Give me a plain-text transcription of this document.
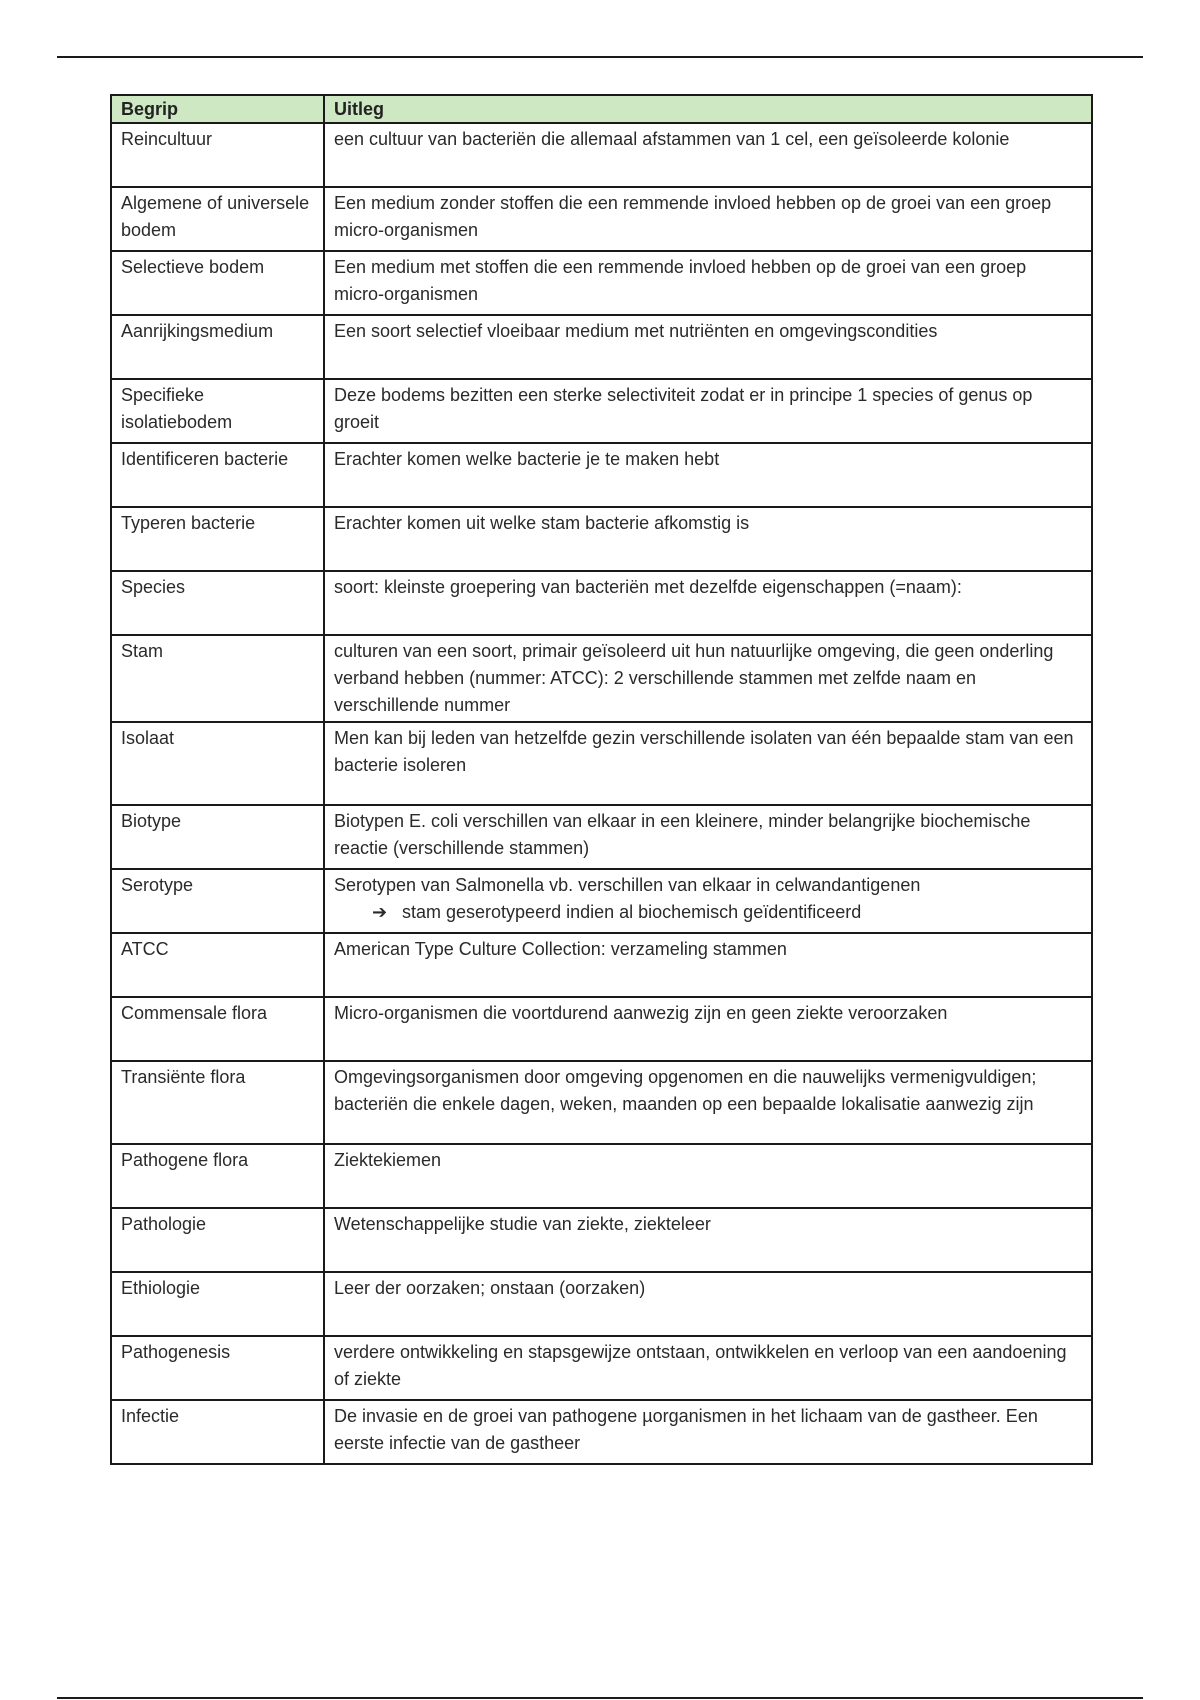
Begrip	Uitleg
Reincultuur	een cultuur van bacteriën die allemaal afstammen van 1 cel, een geïsoleerde kolonie
Algemene of universele bodem	Een medium zonder stoffen die een remmende invloed hebben op de groei van een groep micro-organismen
Selectieve bodem	Een medium met stoffen die een remmende invloed hebben op de groei van een groep micro-organismen
Aanrijkingsmedium	Een soort selectief vloeibaar medium met nutriënten en omgevingscondities
Specifieke isolatiebodem	Deze bodems bezitten een sterke selectiviteit zodat er in principe 1 species of genus op groeit
Identificeren bacterie	Erachter komen welke bacterie je te maken hebt
Typeren bacterie	Erachter komen uit welke stam bacterie afkomstig is
Species	soort: kleinste groepering van bacteriën met dezelfde eigenschappen (=naam):
Stam	culturen van een soort, primair geïsoleerd uit hun natuurlijke omgeving, die geen onderling verband hebben (nummer: ATCC): 2 verschillende stammen met zelfde naam en verschillende nummer
Isolaat	Men kan bij leden van hetzelfde gezin verschillende isolaten van één bepaalde stam van een bacterie isoleren
Biotype	Biotypen E. coli verschillen van elkaar in een kleinere, minder belangrijke biochemische reactie (verschillende stammen)
Serotype	Serotypen van Salmonella vb. verschillen van elkaar in celwandantigenen
➔ stam geserotypeerd indien al biochemisch geïdentificeerd

ATCC	American Type Culture Collection: verzameling stammen
Commensale flora	Micro-organismen die voortdurend aanwezig zijn en geen ziekte veroorzaken
Transiënte flora	Omgevingsorganismen door omgeving opgenomen en die nauwelijks vermenigvuldigen; bacteriën die enkele dagen, weken, maanden op een bepaalde lokalisatie aanwezig zijn
Pathogene flora	Ziektekiemen
Pathologie	Wetenschappelijke studie van ziekte, ziekteleer
Ethiologie	Leer der oorzaken; onstaan (oorzaken)
Pathogenesis	verdere ontwikkeling en stapsgewijze ontstaan, ontwikkelen en verloop van een aandoening of ziekte
Infectie	De invasie en de groei van pathogene µorganismen in het lichaam van de gastheer. Een eerste infectie van de gastheer
